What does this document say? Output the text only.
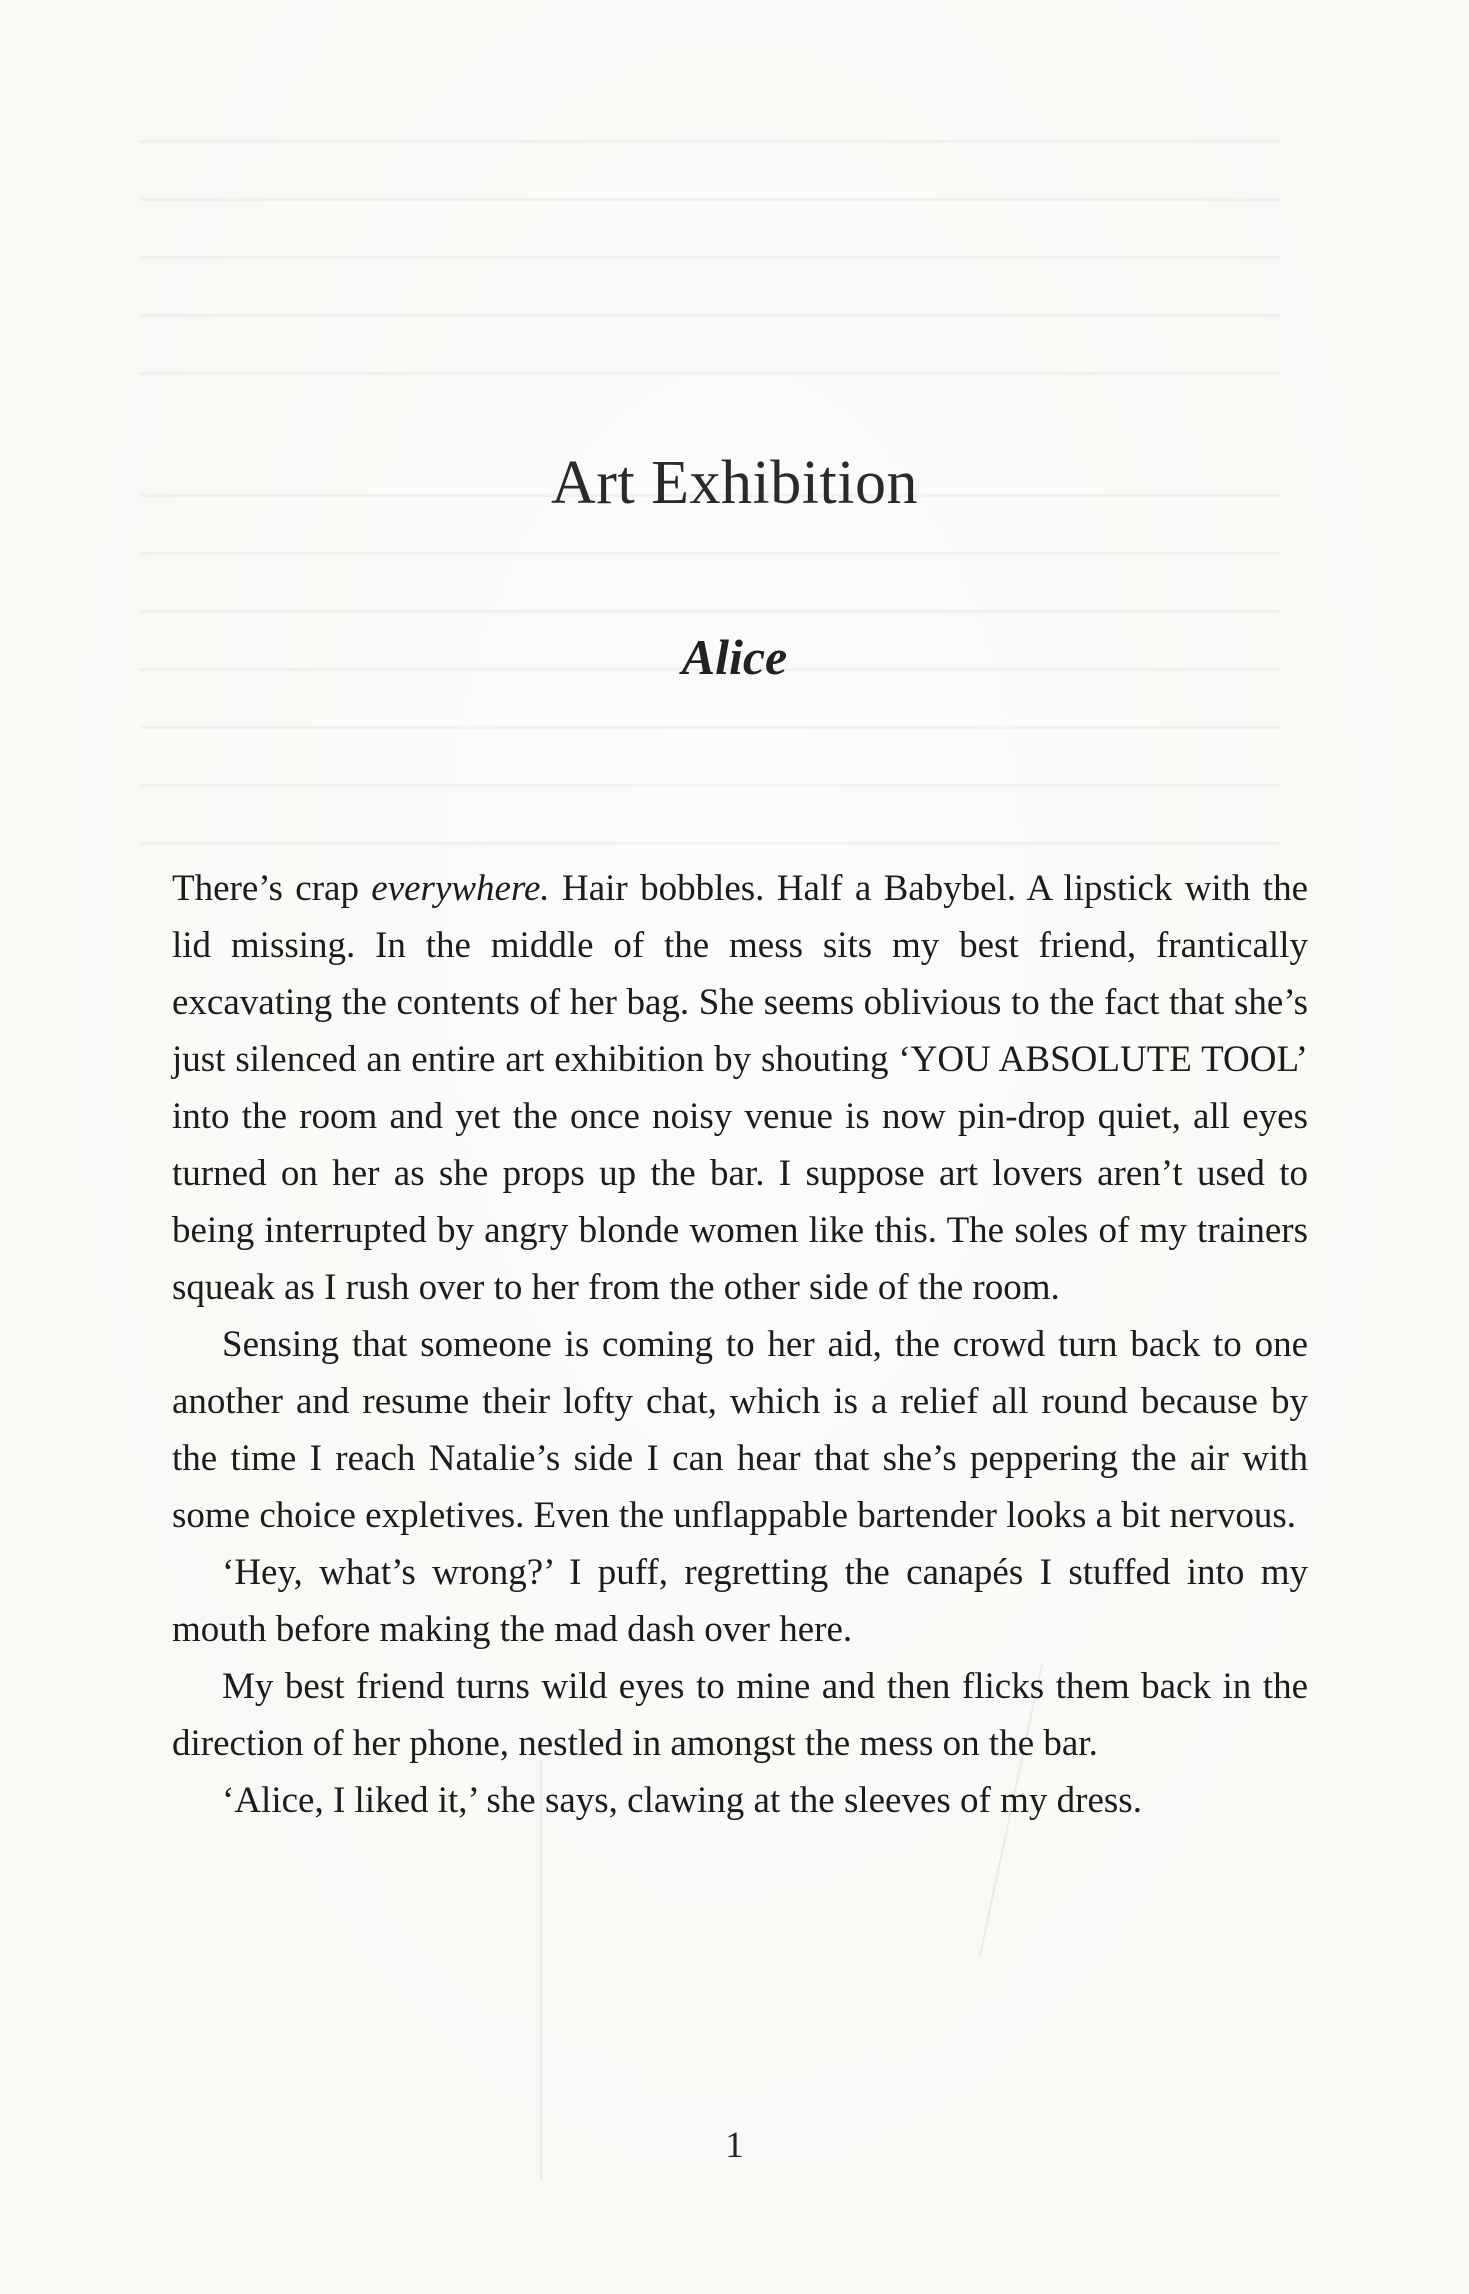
Art Exhibition
Alice

There’s crap everywhere. Hair bobbles. Half a Babybel. A lipstick with the lid missing. In the middle of the mess sits my best friend, frantically excavating the contents of her bag. She seems oblivious to the fact that she’s just silenced an entire art exhibition by shouting ‘YOU ABSOLUTE TOOL’ into the room and yet the once noisy venue is now pin-drop quiet, all eyes turned on her as she props up the bar. I suppose art lovers aren’t used to being interrupted by angry blonde women like this. The soles of my trainers squeak as I rush over to her from the other side of the room.

Sensing that someone is coming to her aid, the crowd turn back to one another and resume their lofty chat, which is a relief all round because by the time I reach Natalie’s side I can hear that she’s peppering the air with some choice expletives. Even the unflappable bartender looks a bit nervous.

‘Hey, what’s wrong?’ I puff, regretting the canapés I stuffed into my mouth before making the mad dash over here.

My best friend turns wild eyes to mine and then flicks them back in the direction of her phone, nestled in amongst the mess on the bar.

‘Alice, I liked it,’ she says, clawing at the sleeves of my dress.

1
